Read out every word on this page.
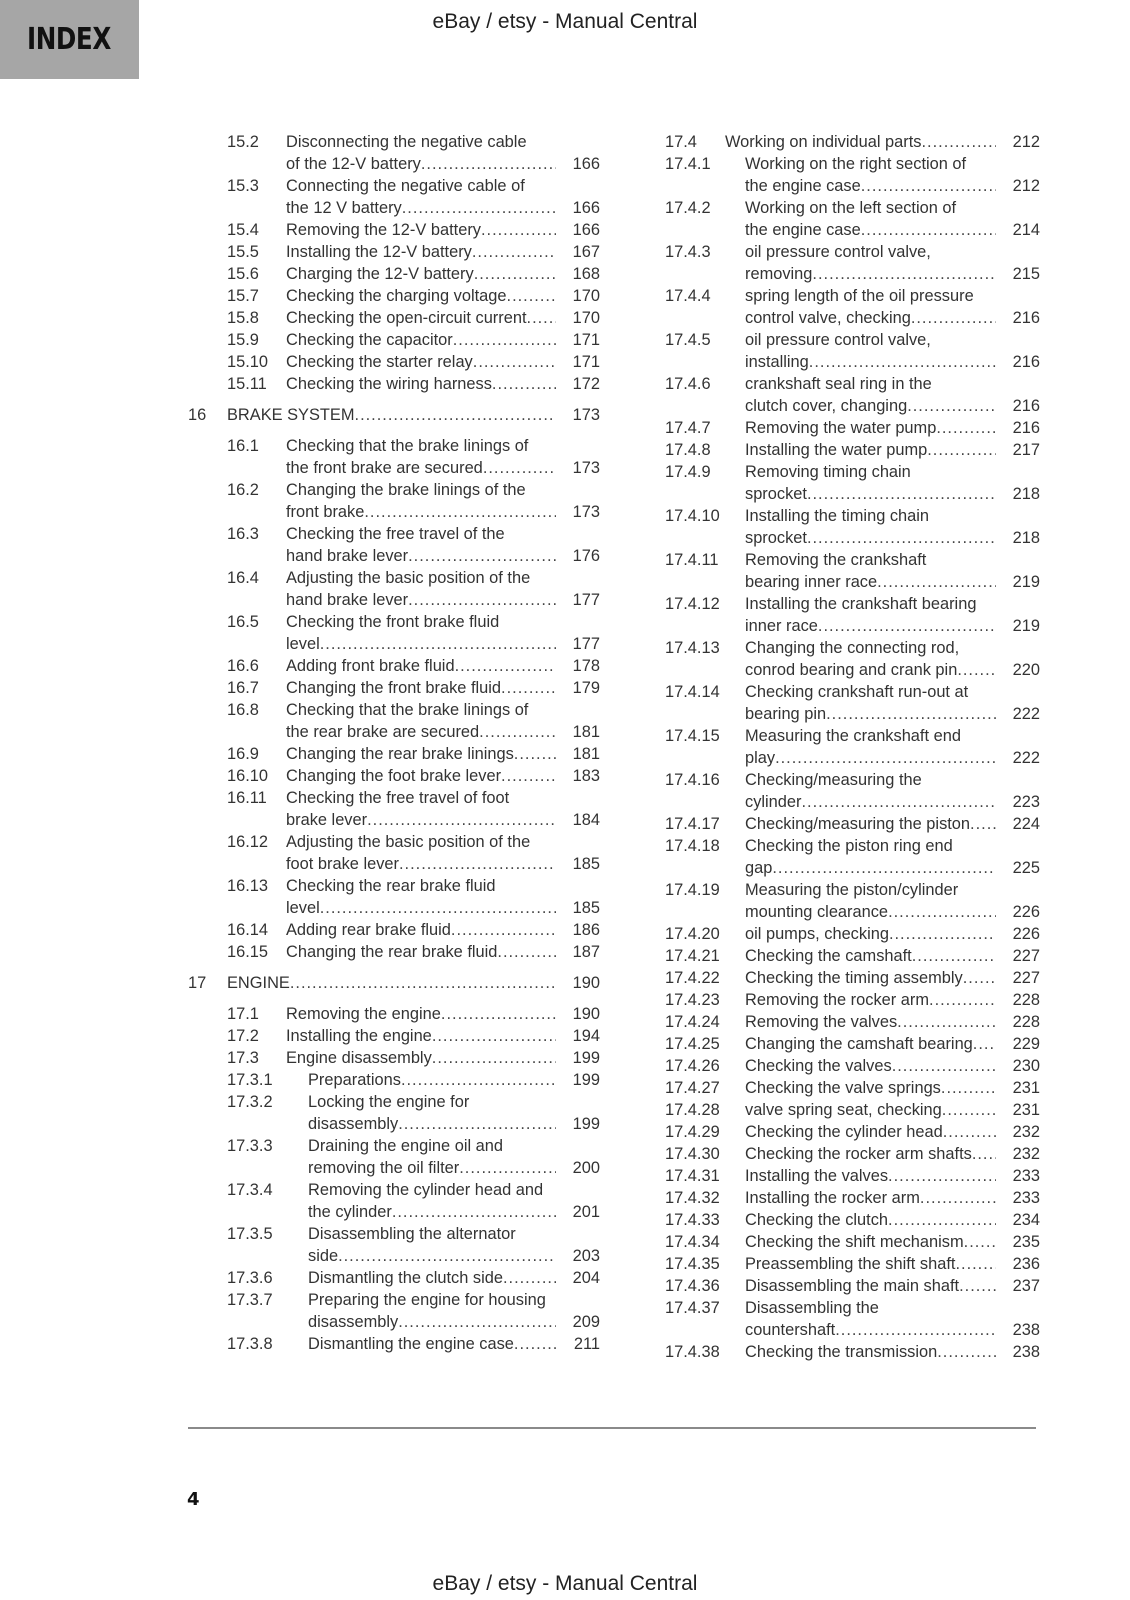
INDEX
eBay / etsy - Manual Central
15.2 Disconnecting the negative cable
of the 12-V battery .....	166
15.3 Connecting the negative cable of
the 12 V battery .....	166
15.4 Removing the 12-V battery .....	166
15.5 Installing the 12-V battery .....	167
15.6 Charging the 12-V battery .....	168
15.7 Checking the charging voltage .....	170
15.8 Checking the open-circuit current .....	170
15.9 Checking the capacitor .....	171
15.10 Checking the starter relay .....	171
15.11 Checking the wiring harness .....	172
16 BRAKE SYSTEM .....	173
16.1 Checking that the brake linings of
the front brake are secured .....	173
16.2 Changing the brake linings of the
front brake .....	173
16.3 Checking the free travel of the
hand brake lever .....	176
16.4 Adjusting the basic position of the
hand brake lever .....	177
16.5 Checking the front brake fluid
level .....	177
16.6 Adding front brake fluid .....	178
16.7 Changing the front brake fluid .....	179
16.8 Checking that the brake linings of
the rear brake are secured .....	181
16.9 Changing the rear brake linings .....	181
16.10 Changing the foot brake lever .....	183
16.11 Checking the free travel of foot
brake lever .....	184
16.12 Adjusting the basic position of the
foot brake lever .....	185
16.13 Checking the rear brake fluid
level .....	185
16.14 Adding rear brake fluid .....	186
16.15 Changing the rear brake fluid .....	187
17 ENGINE .....	190
17.1 Removing the engine .....	190
17.2 Installing the engine .....	194
17.3 Engine disassembly .....	199
17.3.1 Preparations .....	199
17.3.2 Locking the engine for
disassembly .....	199
17.3.3 Draining the engine oil and
removing the oil filter .....	200
17.3.4 Removing the cylinder head and
the cylinder .....	201
17.3.5 Disassembling the alternator
side .....	203
17.3.6 Dismantling the clutch side .....	204
17.3.7 Preparing the engine for housing
disassembly .....	209
17.3.8 Dismantling the engine case .....	211
17.4 Working on individual parts .....	212
17.4.1 Working on the right section of
the engine case .....	212
17.4.2 Working on the left section of
the engine case .....	214
17.4.3 oil pressure control valve,
removing .....	215
17.4.4 spring length of the oil pressure
control valve, checking .....	216
17.4.5 oil pressure control valve,
installing .....	216
17.4.6 crankshaft seal ring in the
clutch cover, changing .....	216
17.4.7 Removing the water pump .....	216
17.4.8 Installing the water pump .....	217
17.4.9 Removing timing chain
sprocket .....	218
17.4.10 Installing the timing chain
sprocket .....	218
17.4.11 Removing the crankshaft
bearing inner race .....	219
17.4.12 Installing the crankshaft bearing
inner race .....	219
17.4.13 Changing the connecting rod,
conrod bearing and crank pin .....	220
17.4.14 Checking crankshaft run-out at
bearing pin .....	222
17.4.15 Measuring the crankshaft end
play .....	222
17.4.16 Checking/measuring the
cylinder .....	223
17.4.17 Checking/measuring the piston .....	224
17.4.18 Checking the piston ring end
gap .....	225
17.4.19 Measuring the piston/cylinder
mounting clearance .....	226
17.4.20 oil pumps, checking .....	226
17.4.21 Checking the camshaft .....	227
17.4.22 Checking the timing assembly .....	227
17.4.23 Removing the rocker arm .....	228
17.4.24 Removing the valves .....	228
17.4.25 Changing the camshaft bearing .....	229
17.4.26 Checking the valves .....	230
17.4.27 Checking the valve springs .....	231
17.4.28 valve spring seat, checking .....	231
17.4.29 Checking the cylinder head .....	232
17.4.30 Checking the rocker arm shafts .....	232
17.4.31 Installing the valves .....	233
17.4.32 Installing the rocker arm .....	233
17.4.33 Checking the clutch .....	234
17.4.34 Checking the shift mechanism .....	235
17.4.35 Preassembling the shift shaft .....	236
17.4.36 Disassembling the main shaft .....	237
17.4.37 Disassembling the
countershaft .....	238
17.4.38 Checking the transmission .....	238
4
eBay / etsy - Manual Central
